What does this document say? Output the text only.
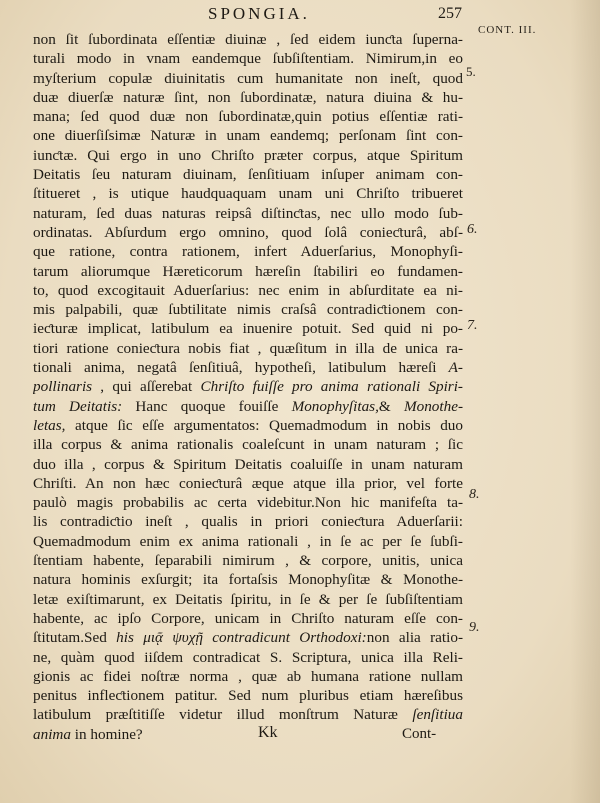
SPONGIA.	257
CONT. III.
5.
6.
7.
8.
9.
non ſit ſubordinata eſſentiæ diuinæ , ſed eidem iunƈta ſuperna-
turali modo in vnam eandemque ſubſiſtentiam. Nimirum,in eo
myſterium copulæ diuinitatis cum humanitate non ineſt, quod
duæ diuerſæ naturæ ſint, non ſubordinatæ, natura diuina & hu-
mana; ſed quod duæ non ſubordinatæ,quin potius eſſentiæ rati-
one diuerſiſsimæ Naturæ in unam eandemq; perſonam ſint con-
iunƈtæ. Qui ergo in uno Chriſto præter corpus, atque Spiritum
Deitatis ſeu naturam diuinam, ſenſitiuam inſuper animam con-
ſtitueret , is utique haudquaquam unam uni Chriſto tribueret
naturam, ſed duas naturas reipsâ diſtinƈtas, nec ullo modo ſub-
ordinatas. Abſurdum ergo omnino, quod ſolâ conieƈturâ, abſ-
que ratione, contra rationem, infert Aduerſarius, Monophyſi-
tarum aliorumque Hæreticorum hæreſin ſtabiliri eo fundamen-
to, quod excogitauit Aduerſarius: nec enim in abſurditate ea ni-
mis palpabili, quæ ſubtilitate nimis craſsâ contradiƈtionem con-
ieƈturæ implicat, latibulum ea inuenire potuit. Sed quid ni po-
tiori ratione conieƈtura nobis fiat , quæſitum in illa de unica ra-
tionali anima, negatâ ſenſitiuâ, hypotheſi, latibulum hæreſi A-
pollinaris , qui aſſerebat Chriſto fuiſſe pro anima rationali Spiri-
tum Deitatis: Hanc quoque fouiſſe Monophyſitas,& Monothe-
letas, atque ſic eſſe argumentatos: Quemadmodum in nobis duo
illa corpus & anima rationalis coaleſcunt in unam naturam ; ſic
duo illa , corpus & Spiritum Deitatis coaluiſſe in unam naturam
Chriſti. An non hæc conieƈturâ æque atque illa prior, vel forte
paulò magis probabilis ac certa videbitur.Non hic manifeſta ta-
lis contradiƈtio ineſt , qualis in priori conieƈtura Aduerſarii:
Quemadmodum enim ex anima rationali , in ſe ac per ſe ſubſi-
ſtentiam habente, ſeparabili nimirum , & corpore, unitis, unica
natura hominis exſurgit; ita fortaſsis Monophyſitæ & Monothe-
letæ exiſtimarunt, ex Deitatis ſpiritu, in ſe & per ſe ſubſiſtentiam
habente, ac ipſo Corpore, unicam in Chriſto naturam eſſe con-
ſtitutam.Sed his μιᾷ ψυχῇ contradicunt Orthodoxi:non alia ratio-
ne, quàm quod iiſdem contradicat S. Scriptura, unica illa Reli-
gionis ac fidei noſtræ norma , quæ ab humana ratione nullam
penitus infleƈtionem patitur. Sed num pluribus etiam hæreſibus
latibulum præſtitiſſe videtur illud monſtrum Naturæ ſenſitiua
anima in homine?	Kk	Cont-
